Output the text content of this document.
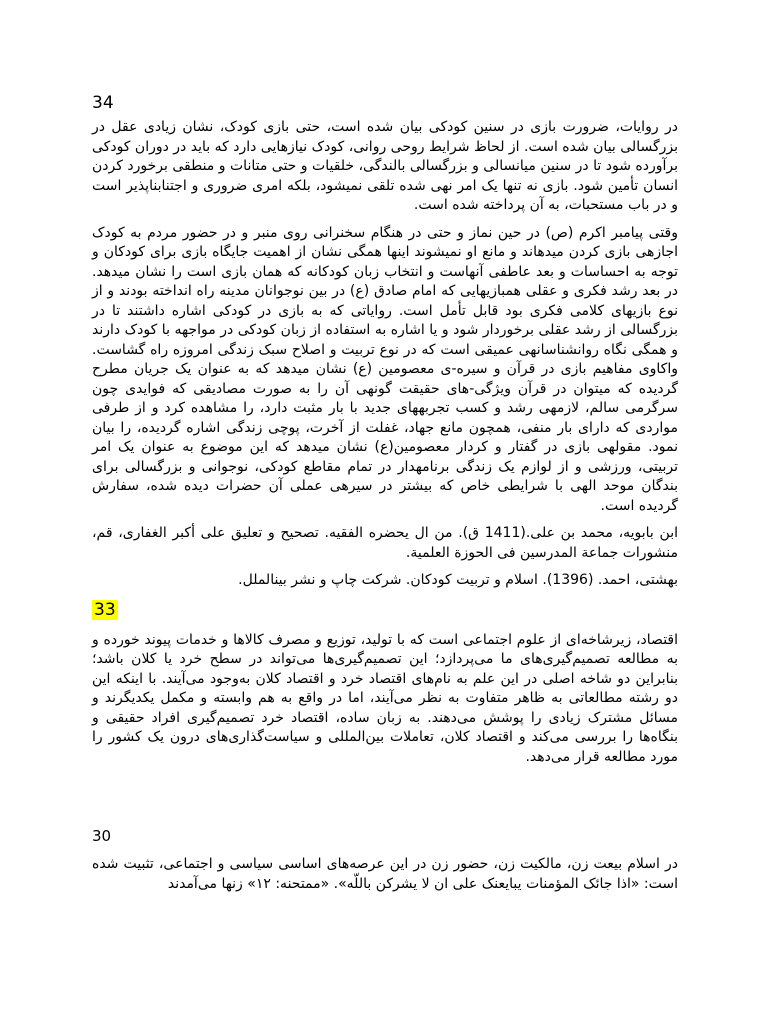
34

در روایات، ضرورت بازی در سنین کودکی بیان شده است، حتی بازی کودک، نشان زیادی عقل در بزرگسالی بیان شده است. از لحاظ شرایط روحی روانی، کودک نیازهایی دارد که باید در دوران کودکی برآورده شود تا در سنین میانسالی و بزرگسالی بالندگی، خلقیات و حتی متانات و منطقی برخورد کردن انسان تأمین شود. بازی نه تنها یک امر نهی شده تلقی نمیشود، بلکه امری ضروری و اجتنابناپذیر است و در باب مستحبات، به آن پرداخته شده است.

وقتی پیامبر اکرم (ص) در حین نماز و حتی در هنگام سخنرانی روی منبر و در حضور مردم به کودک اجازهی بازی کردن میدهاند و مانع او نمیشوند اینها همگی نشان از اهمیت جایگاه بازی برای کودکان و توجه به احساسات و بعد عاطفی آنهاست و انتخاب زبان کودکانه که همان بازی است را نشان میدهد. در بعد رشد فکری و عقلی همبازیهایی که امام صادق (ع) در بین نوجوانان مدینه راه انداخته بودند و از نوع بازیهای کلامی فکری بود قابل تأمل است. روایاتی که به بازی در کودکی اشاره داشتند تا در بزرگسالی از رشد عقلی برخوردار شود و یا اشاره به استفاده از زبان کودکی در مواجهه با کودک دارند و همگی نگاه روانشناسانهی عمیقی است که در نوع تربیت و اصلاح سبک زندگی امروزه راه گشاست. واکاوی مفاهیم بازی در قرآن و سیره-ی معصومین (ع) نشان میدهد که به عنوان یک جریان مطرح گردیده که میتوان در قرآن ویژگی-های حقیقت گونهی آن را به صورت مصادیقی که فوایدی چون سرگرمی سالم، لازمهی رشد و کسب تجربههای جدید با بار مثبت دارد، را مشاهده کرد و از طرفی مواردی که دارای بار منفی، همچون مانع جهاد، غفلت از آخرت، پوچی زندگی اشاره گردیده، را بیان نمود. مقولهی بازی در گفتار و کردار معصومین(ع) نشان میدهد که این موضوع به عنوان یک امر تربیتی، ورزشی و از لوازم یک زندگی برنامهدار در تمام مقاطع کودکی، نوجوانی و بزرگسالی برای بندگان موحد الهی با شرایطی خاص که بیشتر در سیرهی عملی آن حضرات دیده شده، سفارش گردیده است.

ابن بابویه، محمد بن علی.(1411 ق). من ال یحضره الفقیه. تصحیح و تعلیق علی أکبر الغفاری، قم، منشورات جماعة المدرسین فی الحوزة العلمیة.

بهشتی، احمد. (1396). اسلام و تربیت کودکان. شرکت چاپ و نشر بینالملل.

33

اقتصاد، زیرشاخه‌ای از علوم اجتماعی است که با تولید، توزیع و مصرف کالاها و خدمات پیوند خورده و به مطالعه تصمیم‌گیری‌های ما می‌پردازد؛ این تصمیم‌گیری‌ها می‌تواند در سطح خرد یا کلان باشد؛ بنابراین دو شاخه اصلی در این علم به نام‌های اقتصاد خرد و اقتصاد کلان به‌وجود می‌آیند. با اینکه این دو رشته مطالعاتی به ظاهر متفاوت به نظر می‌آیند، اما در واقع به هم وابسته و مکمل یکدیگرند و مسائل مشترک زیادی را پوشش می‌دهند. به زبان ساده، اقتصاد خرد تصمیم‌گیری افراد حقیقی و بنگاه‌ها را بررسی می‌کند و اقتصاد کلان، تعاملات بین‌المللی و سیاست‌گذاری‌های درون یک کشور را مورد مطالعه قرار می‌دهد.

30

در اسلام بیعت زن، مالکیت زن، حضور زن در این عرصه‌های اساسی سیاسی و اجتماعی، تثبیت شده است: «اذا جائک المؤمنات یبایعنک علی ان لا یشرکن باللّه». «ممتحنه: ۱۲» زنها می‌آمدند
